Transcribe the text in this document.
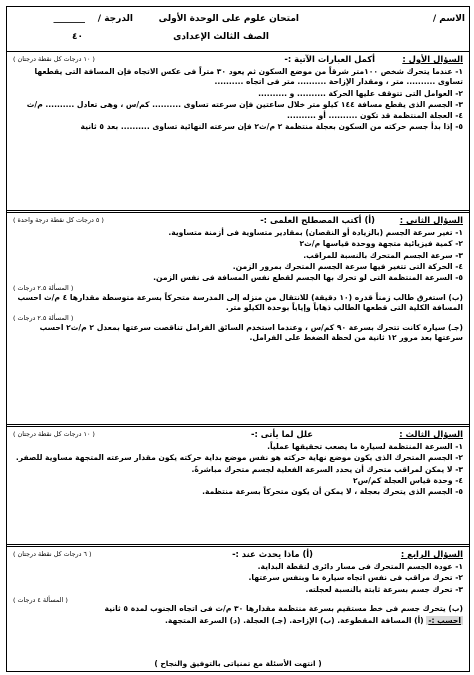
الاسم /
امتحان علوم على الوحدة الأولى
الدرجة /
_______
الصف الثالث الإعدادى
٤٠
السؤال الأول :
أكمل العبارات الآتية :-
( ١٠ درجات كل نقطة درجتان )

١- عندما يتحرك شخص ١٠٠متر شرقاً من موضع السكون ثم يعود ٣٠ متراً فى عكس الاتجاه فإن المسافة التى يقطعها تساوى .......... متر ، ومقدار الإزاحة .......... متر فى اتجاه ..........

٢- العوامل التى تتوقف عليها الحركة .......... و ..........

٣- الجسم الذى يقطع مسافة ١٤٤ كيلو متر خلال ساعتين فإن سرعته تساوى .......... كم/س ، وهى تعادل .......... م/ث

٤- العجلة المنتظمة قد تكون .......... أو ..........

٥- إذا بدأ جسم حركته من السكون بعجلة منتظمة ٢ م/ث٢ فإن سرعته النهائية تساوى .......... بعد ٥ ثانية

السؤال الثانى :
(أ) أكتب المصطلح العلمى :-
( ٥ درجات كل نقطة درجة واحدة )

١- تغير سرعة الجسم (بالزيادة أو النقصان) بمقادير متساوية فى أزمنة متساوية.

٢- كمية فيزيائية متجهة ووحدة قياسها م/ث٢

٣- سرعة الجسم المتحرك بالنسبة للمراقب.

٤- الحركة التى تتغير فيها سرعة الجسم المتحرك بمرور الزمن.

٥- السرعة المنتظمة التى لو تحرك بها الجسم لقطع نفس المسافة فى نفس الزمن.

( المسألة ٢.٥ درجات )

(ب) استغرق طالب زمناً قدره (١٠ دقيقة) للانتقال من منزله إلى المدرسة متحركاً بسرعة متوسطة مقدارها ٤ م/ث احسب المسافة الكلية التى قطعها الطالب ذهاباً وإياباً بوحدة الكيلو متر.

( المسألة ٢.٥ درجات )

(جـ) سيارة كانت تتحرك بسرعة ٩٠ كم/س ، وعندما استخدم السائق الفرامل تناقصت سرعتها بمعدل ٢ م/ث٢ احسب سرعتها بعد مرور ١٢ ثانية من لحظة الضغط على الفرامل.

السؤال الثالث :
علل لما يأتى :-
( ١٠ درجات كل نقطة درجتان )

١- السرعة المنتظمة لسيارة ما يصعب تحقيقها عملياً.

٢- الجسم المتحرك الذى يكون موضع نهاية حركته هو نفس موضع بداية حركته يكون مقدار سرعته المتجهة مساوية للصفر.

٣- لا يمكن لمراقب متحرك أن يحدد السرعة الفعلية لجسم متحرك مباشرةً.

٤- وحدة قياس العجلة كم/س٢

٥- الجسم الذى يتحرك بعجلة ، لا يمكن أن يكون متحركاً بسرعة منتظمة.

السؤال الرابع :
(أ) ماذا يحدث عند :-
( ٦ درجات كل نقطة درجتان )

١- عودة الجسم المتحرك فى مسار دائرى لنقطة البداية.

٢- تحرك مراقب فى نفس اتجاه سيارة ما وبنفس سرعتها.

٣- تحرك جسم بسرعة ثابتة بالنسبة لعجلته.

( المسألة ٤ درجات )

(ب) يتحرك جسم فى خط مستقيم بسرعة منتظمة مقدارها ٣٠ م/ث فى اتجاه الجنوب لمدة ٥ ثانية

احسب :- (أ) المسافة المقطوعة. (ب) الإزاحة. (جـ) العجلة. (د) السرعة المتجهة.

( انتهت الأسئلة مع تمنياتى بالتوفيق والنجاح )
